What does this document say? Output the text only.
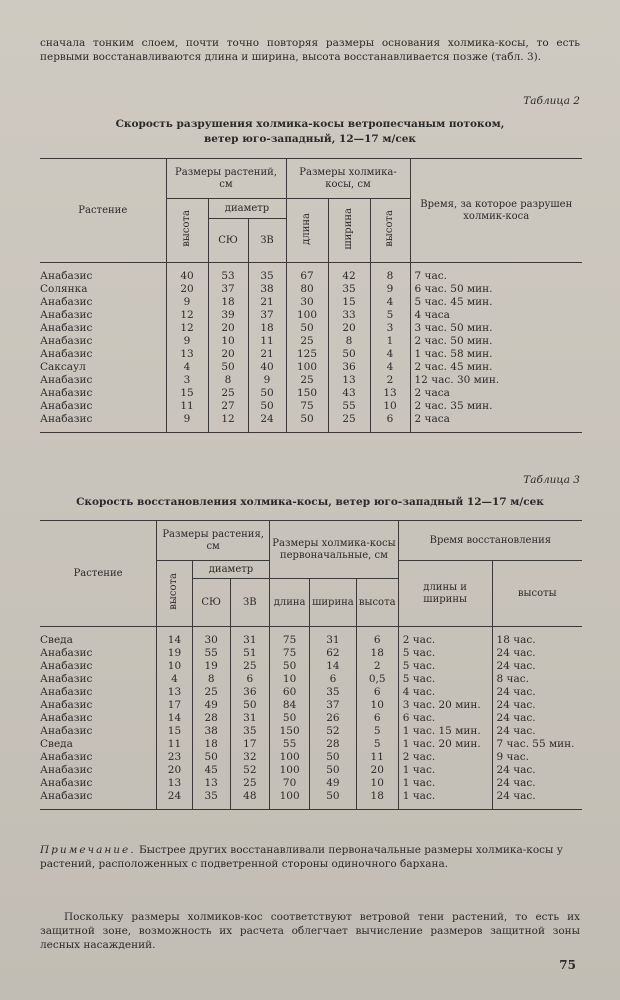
сначала тонким слоем, почти точно повторяя размеры основания холмика-косы, то есть первыми восстанавливаются длина и ширина, высота восстанавливается позже (табл. 3).

Таблица 2
Скорость разрушения холмика-косы ветропесчаным потоком,
ветер юго-западный, 12—17 м/сек
Растение	Размеры растений, см			Размеры холмика-косы, см			Время, за которое разрушен холмик-коса
	высота	диаметр		длина	ширина	высота	
		СЮ	ЗВ				
Анабазис	40	53	35	67	42	8	7 час.
Солянка	20	37	38	80	35	9	6 час. 50 мин.
Анабазис	9	18	21	30	15	4	5 час. 45 мин.
Анабазис	12	39	37	100	33	5	4 часа
Анабазис	12	20	18	50	20	3	3 час. 50 мин.
Анабазис	9	10	11	25	8	1	2 час. 50 мин.
Анабазис	13	20	21	125	50	4	1 час. 58 мин.
Саксаул	4	50	40	100	36	4	2 час. 45 мин.
Анабазис	3	8	9	25	13	2	12 час. 30 мин.
Анабазис	15	25	50	150	43	13	2 часа
Анабазис	11	27	50	75	55	10	2 час. 35 мин.
Анабазис	9	12	24	50	25	6	2 часа
Таблица 3
Скорость восстановления холмика-косы, ветер юго-западный 12—17 м/сек
Растение	Размеры растения, см			Размеры холмика-косы первоначальные, см			Время восстановления	
	высота	диаметр					длины и ширины	высоты
		СЮ	ЗВ	длина	ширина	высота		
Сведа	14	30	31	75	31	6	2 час.	18 час.
Анабазис	19	55	51	75	62	18	5 час.	24 час.
Анабазис	10	19	25	50	14	2	5 час.	24 час.
Анабазис	4	8	6	10	6	0,5	5 час.	8 час.
Анабазис	13	25	36	60	35	6	4 час.	24 час.
Анабазис	17	49	50	84	37	10	3 час. 20 мин.	24 час.
Анабазис	14	28	31	50	26	6	6 час.	24 час.
Анабазис	15	38	35	150	52	5	1 час. 15 мин.	24 час.
Сведа	11	18	17	55	28	5	1 час. 20 мин.	7 час. 55 мин.
Анабазис	23	50	32	100	50	11	2 час.	9 час.
Анабазис	20	45	52	100	50	20	1 час.	24 час.
Анабазис	13	13	25	70	49	10	1 час.	24 час.
Анабазис	24	35	48	100	50	18	1 час.	24 час.

Примечание. Быстрее других восстанавливали первоначальные размеры холмика-косы у растений, расположенных с подветренной стороны одиночного бархана.

Поскольку размеры холмиков-кос соответствуют ветровой тени растений, то есть их защитной зоне, возможность их расчета облегчает вычисление размеров защитной зоны лесных насаждений.

75
